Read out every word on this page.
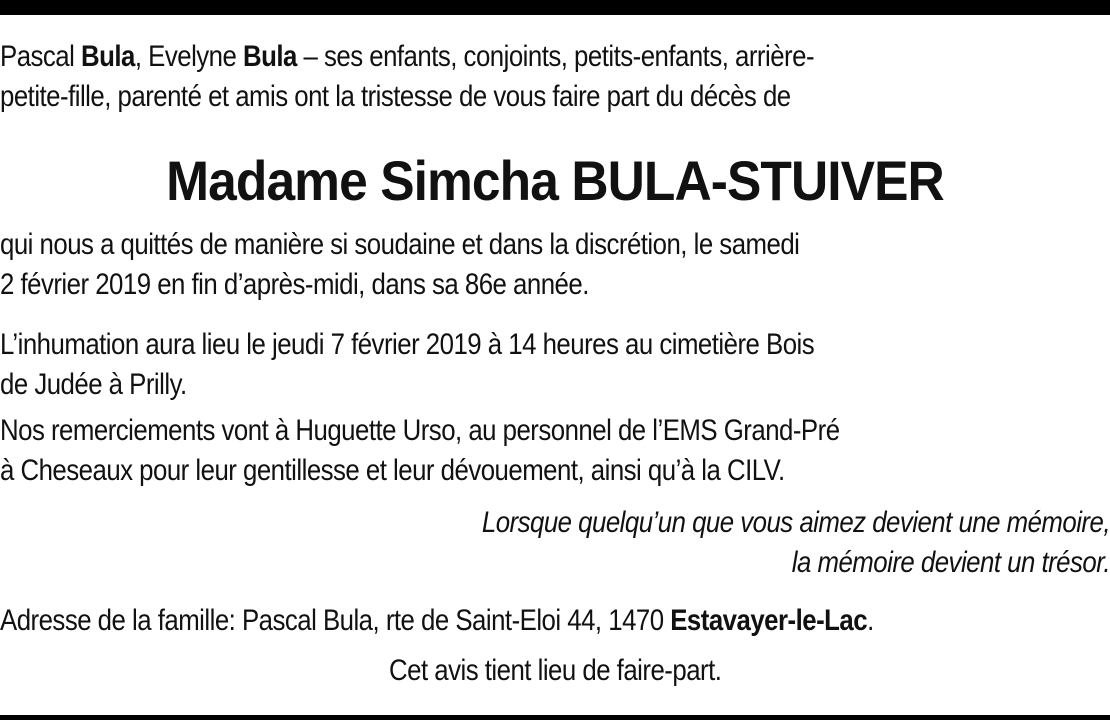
Pascal Bula, Evelyne Bula – ses enfants, conjoints, petits-enfants, arrière-
petite-fille, parenté et amis ont la tristesse de vous faire part du décès de
Madame Simcha BULA-STUIVER
qui nous a quittés de manière si soudaine et dans la discrétion, le samedi
2 février 2019 en fin d’après-midi, dans sa 86e année.
L’inhumation aura lieu le jeudi 7 février 2019 à 14 heures au cimetière Bois
de Judée à Prilly.
Nos remerciements vont à Huguette Urso, au personnel de l’EMS Grand-Pré
à Cheseaux pour leur gentillesse et leur dévouement, ainsi qu’à la CILV.
Lorsque quelqu’un que vous aimez devient une mémoire,
la mémoire devient un trésor.
Adresse de la famille: Pascal Bula, rte de Saint-Eloi 44, 1470 Estavayer-le-Lac.
Cet avis tient lieu de faire-part.
